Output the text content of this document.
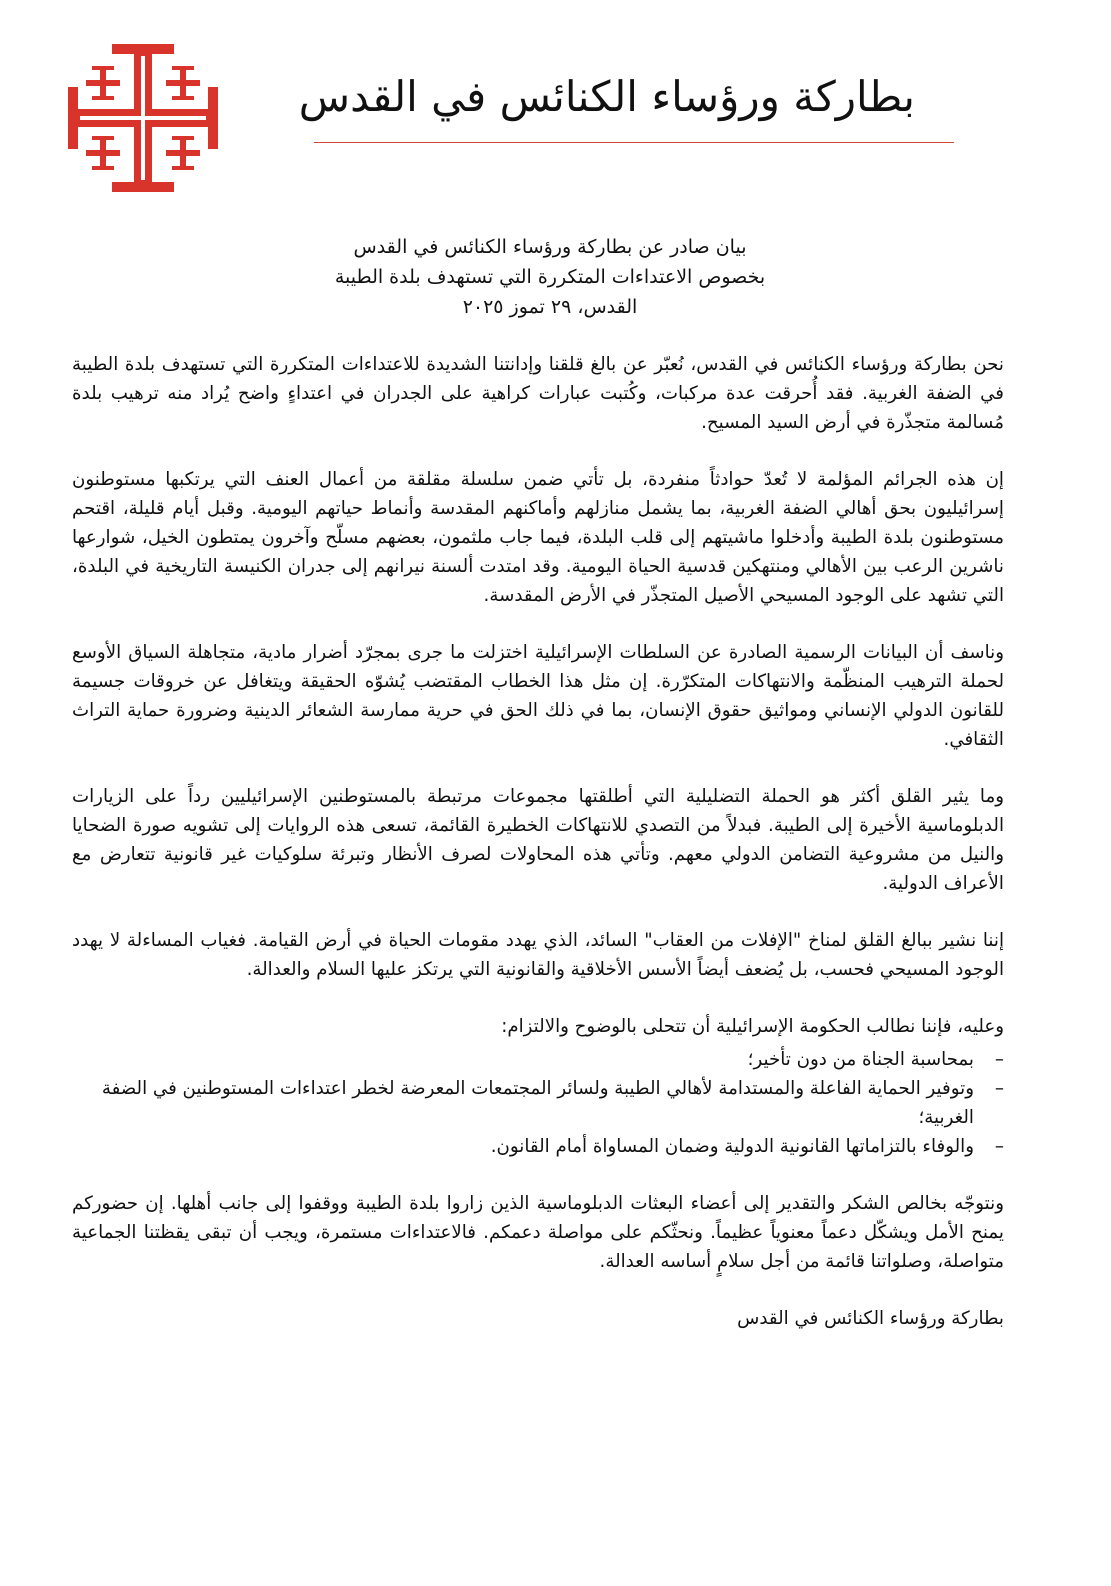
بطاركة ورؤساء الكنائس في القدس
بيان صادر عن بطاركة ورؤساء الكنائس في القدس
بخصوص الاعتداءات المتكررة التي تستهدف بلدة الطيبة
القدس، ٢٩ تموز ٢٠٢٥

نحن بطاركة ورؤساء الكنائس في القدس، نُعبّر عن بالغ قلقنا وإدانتنا الشديدة للاعتداءات المتكررة التي تستهدف بلدة الطيبة في الضفة الغربية. فقد أُحرقت عدة مركبات، وكُتبت عبارات كراهية على الجدران في اعتداءٍ واضح يُراد منه ترهيب بلدة مُسالمة متجذّرة في أرض السيد المسيح.

إن هذه الجرائم المؤلمة لا تُعدّ حوادثاً منفردة، بل تأتي ضمن سلسلة مقلقة من أعمال العنف التي يرتكبها مستوطنون إسرائيليون بحق أهالي الضفة الغربية، بما يشمل منازلهم وأماكنهم المقدسة وأنماط حياتهم اليومية. وقبل أيام قليلة، اقتحم مستوطنون بلدة الطيبة وأدخلوا ماشيتهم إلى قلب البلدة، فيما جاب ملثمون، بعضهم مسلّح وآخرون يمتطون الخيل، شوارعها ناشرين الرعب بين الأهالي ومنتهكين قدسية الحياة اليومية. وقد امتدت ألسنة نيرانهم إلى جدران الكنيسة التاريخية في البلدة، التي تشهد على الوجود المسيحي الأصيل المتجذّر في الأرض المقدسة.

وناسف أن البيانات الرسمية الصادرة عن السلطات الإسرائيلية اختزلت ما جرى بمجرّد أضرار مادية، متجاهلة السياق الأوسع لحملة الترهيب المنظّمة والانتهاكات المتكرّرة. إن مثل هذا الخطاب المقتضب يُشوّه الحقيقة ويتغافل عن خروقات جسيمة للقانون الدولي الإنساني ومواثيق حقوق الإنسان، بما في ذلك الحق في حرية ممارسة الشعائر الدينية وضرورة حماية التراث الثقافي.

وما يثير القلق أكثر هو الحملة التضليلية التي أطلقتها مجموعات مرتبطة بالمستوطنين الإسرائيليين رداً على الزيارات الدبلوماسية الأخيرة إلى الطيبة. فبدلاً من التصدي للانتهاكات الخطيرة القائمة، تسعى هذه الروايات إلى تشويه صورة الضحايا والنيل من مشروعية التضامن الدولي معهم. وتأتي هذه المحاولات لصرف الأنظار وتبرئة سلوكيات غير قانونية تتعارض مع الأعراف الدولية.

إننا نشير ببالغ القلق لمناخ "الإفلات من العقاب" السائد، الذي يهدد مقومات الحياة في أرض القيامة. فغياب المساءلة لا يهدد الوجود المسيحي فحسب، بل يُضعف أيضاً الأسس الأخلاقية والقانونية التي يرتكز عليها السلام والعدالة.

وعليه، فإننا نطالب الحكومة الإسرائيلية أن تتحلى بالوضوح والالتزام:

–
بمحاسبة الجناة من دون تأخير؛
–
وتوفير الحماية الفاعلة والمستدامة لأهالي الطيبة ولسائر المجتمعات المعرضة لخطر اعتداءات المستوطنين في الضفة الغربية؛
–
والوفاء بالتزاماتها القانونية الدولية وضمان المساواة أمام القانون.

ونتوجّه بخالص الشكر والتقدير إلى أعضاء البعثات الدبلوماسية الذين زاروا بلدة الطيبة ووقفوا إلى جانب أهلها. إن حضوركم يمنح الأمل ويشكّل دعماً معنوياً عظيماً. ونحثّكم على مواصلة دعمكم. فالاعتداءات مستمرة، ويجب أن تبقى يقظتنا الجماعية متواصلة، وصلواتنا قائمة من أجل سلامٍ أساسه العدالة.

بطاركة ورؤساء الكنائس في القدس
